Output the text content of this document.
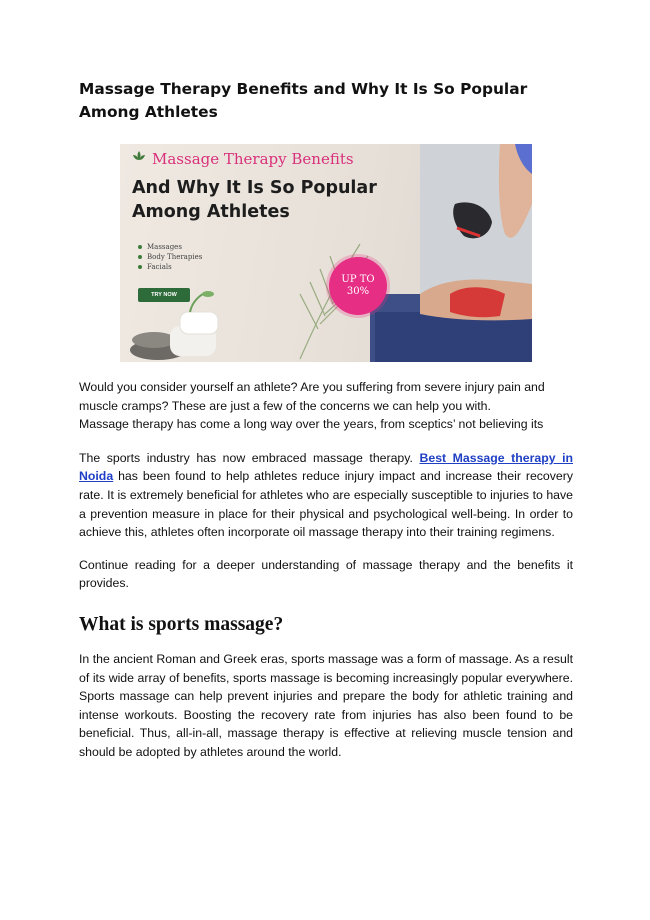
Massage Therapy Benefits and Why It Is So Popular Among Athletes
Massage Therapy Benefits
And Why It Is So Popular Among Athletes
Massages
Body Therapies
Facials
TRY NOW
UP TO
30%

Would you consider yourself an athlete? Are you suffering from severe injury pain and muscle cramps? These are just a few of the concerns we can help you with.

Massage therapy has come a long way over the years, from sceptics’ not believing its

The sports industry has now embraced massage therapy. Best Massage therapy in Noida has been found to help athletes reduce injury impact and increase their recovery rate. It is extremely beneficial for athletes who are especially susceptible to injuries to have a prevention measure in place for their physical and psychological well-being. In order to achieve this, athletes often incorporate oil massage therapy into their training regimens.

Continue reading for a deeper understanding of massage therapy and the benefits it provides.

What is sports massage?

In the ancient Roman and Greek eras, sports massage was a form of massage. As a result of its wide array of benefits, sports massage is becoming increasingly popular everywhere. Sports massage can help prevent injuries and prepare the body for athletic training and intense workouts. Boosting the recovery rate from injuries has also been found to be beneficial. Thus, all-in-all, massage therapy is effective at relieving muscle tension and should be adopted by athletes around the world.
